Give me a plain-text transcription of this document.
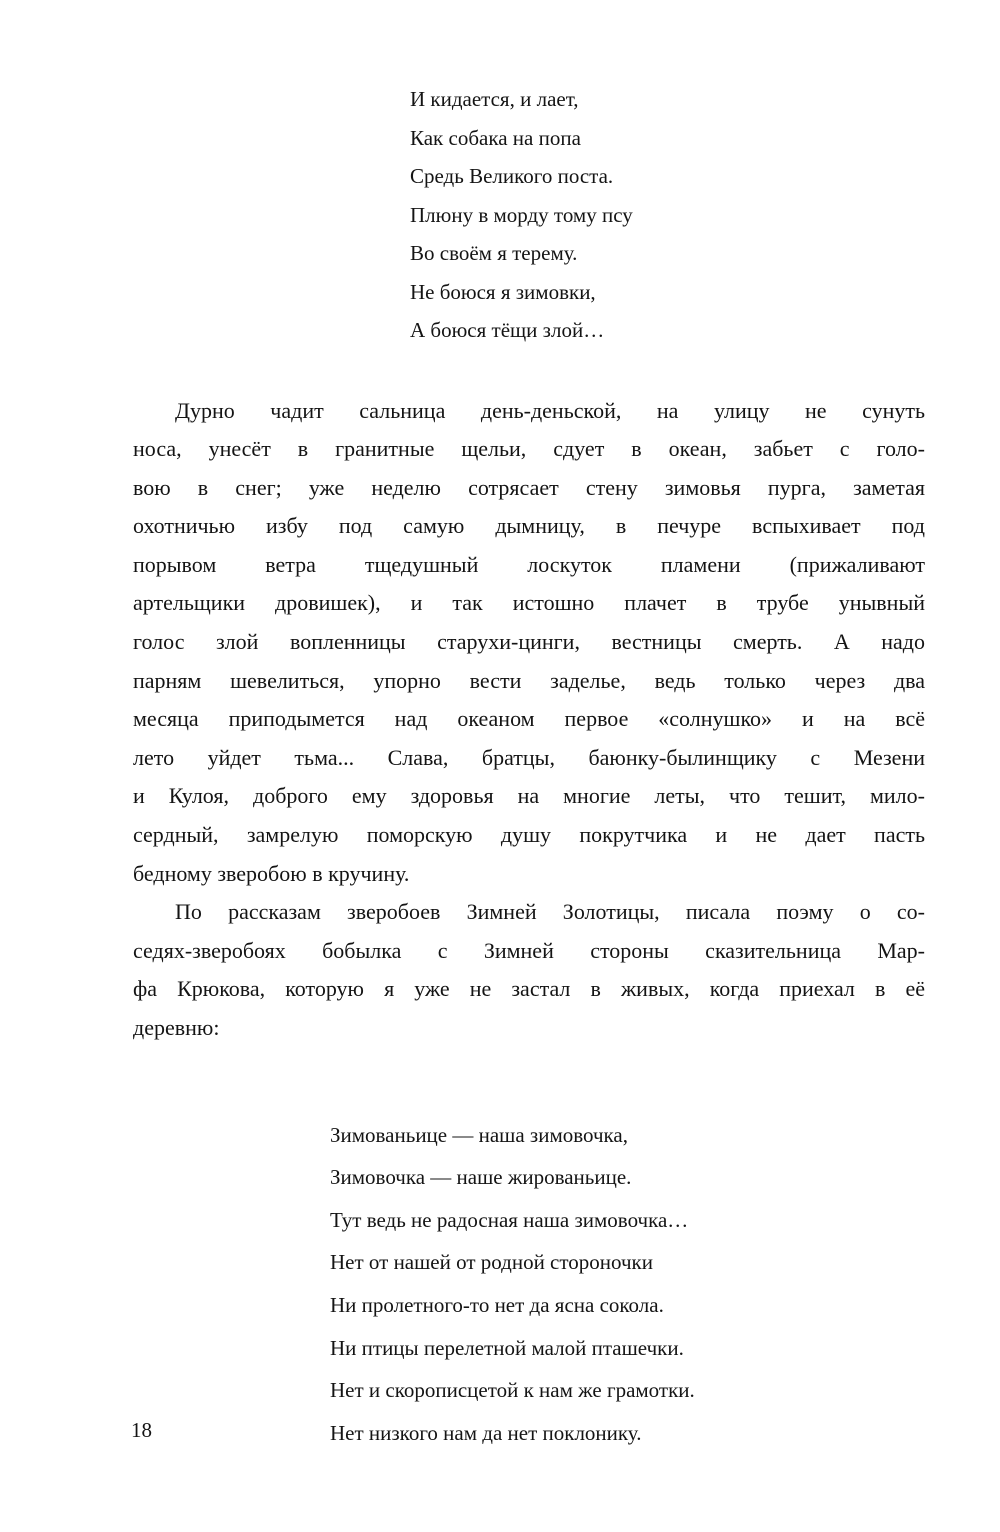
И кидается, и лает,
Как собака на попа
Средь Великого поста.
Плюну в морду тому псу
Во своём я терему.
Не боюся я зимовки,
А боюся тёщи злой…
Дурно чадит сальница день-деньской, на улицу не сунуть
носа, унесёт в гранитные щельи, сдует в океан, забьет с голо-
вою в снег; уже неделю сотрясает стену зимовья пурга, заметая
охотничью избу под самую дымницу, в печуре вспыхивает под
порывом ветра тщедушный лоскуток пламени (прижаливают
артельщики дровишек), и так истошно плачет в трубе унывный
голос злой вопленницы старухи-цинги, вестницы смерть. А надо
парням шевелиться, упорно вести заделье, ведь только через два
месяца приподымется над океаном первое «солнушко» и на всё
лето уйдет тьма... Слава, братцы, баюнку-былинщику с Мезени
и Кулоя, доброго ему здоровья на многие леты, что тешит, мило-
сердный, замрелую поморскую душу покрутчика и не дает пасть
бедному зверобою в кручину.
По рассказам зверобоев Зимней Золотицы, писала поэму о со-
седях-зверобоях бобылка с Зимней стороны сказительница Мар-
фа Крюкова, которую я уже не застал в живых, когда приехал в её
деревню:
Зимованьице — наша зимовочка,
Зимовочка — наше жированьице.
Тут ведь не радосная наша зимовочка…
Нет от нашей от родной стороночки
Ни пролетного-то нет да ясна сокола.
Ни птицы перелетной малой пташечки.
Нет и скорописцетой к нам же грамотки.
Нет низкого нам да нет поклонику.
18
